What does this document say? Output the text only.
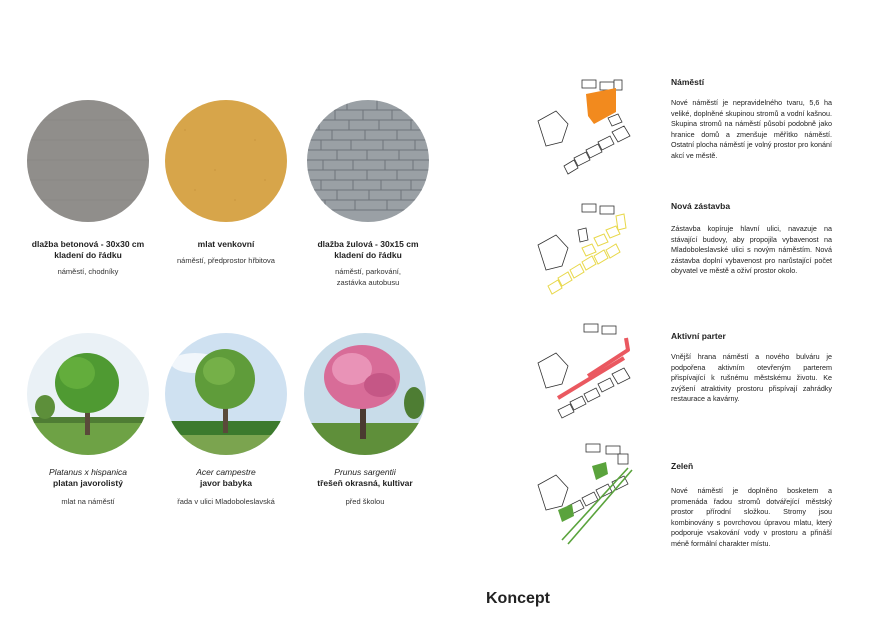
dlažba betonová - 30x30 cm
kladení do řádku
náměstí, chodníky
mlat venkovní
náměstí, předprostor hřbitova
dlažba žulová - 30x15 cm
kladení do řádku
náměstí, parkování,
zastávka autobusu
Platanus x hispanica
platan javorolistý
mlat na náměstí
Acer campestre
javor babyka
řada v ulici Mladoboleslavská
Prunus sargentii
třešeň okrasná, kultivar
před školou
Náměstí
Nové náměstí je nepravidelného tvaru, 5,6 ha veliké, doplněné skupinou stromů a vodní kašnou. Skupina stromů na náměstí působí podobně jako hranice domů a zmenšuje měřítko náměstí. Ostatní plocha náměstí je volný prostor pro konání akcí ve městě.
Nová zástavba
Zástavba kopíruje hlavní ulici, navazuje na stávající budovy, aby propojila vybavenost na Mladoboleslavské ulici s novým náměstím. Nová zástavba doplní vybavenost pro narůstající počet obyvatel ve městě a oživí prostor okolo.
Aktivní parter
Vnější hrana náměstí a nového bulváru je podpořena aktivním otevřeným parterem přispívající k rušnému městskému životu. Ke zvýšení atraktivity prostoru přispívají zahrádky restaurace a kavárny.
Zeleň
Nové náměstí je doplněno bosketem a promenáda řadou stromů dotvářející městský prostor přírodní složkou. Stromy jsou kombinovány s povrchovou úpravou mlatu, který podporuje vsakování vody v prostoru a přináší méně formální charakter místu.
Koncept
